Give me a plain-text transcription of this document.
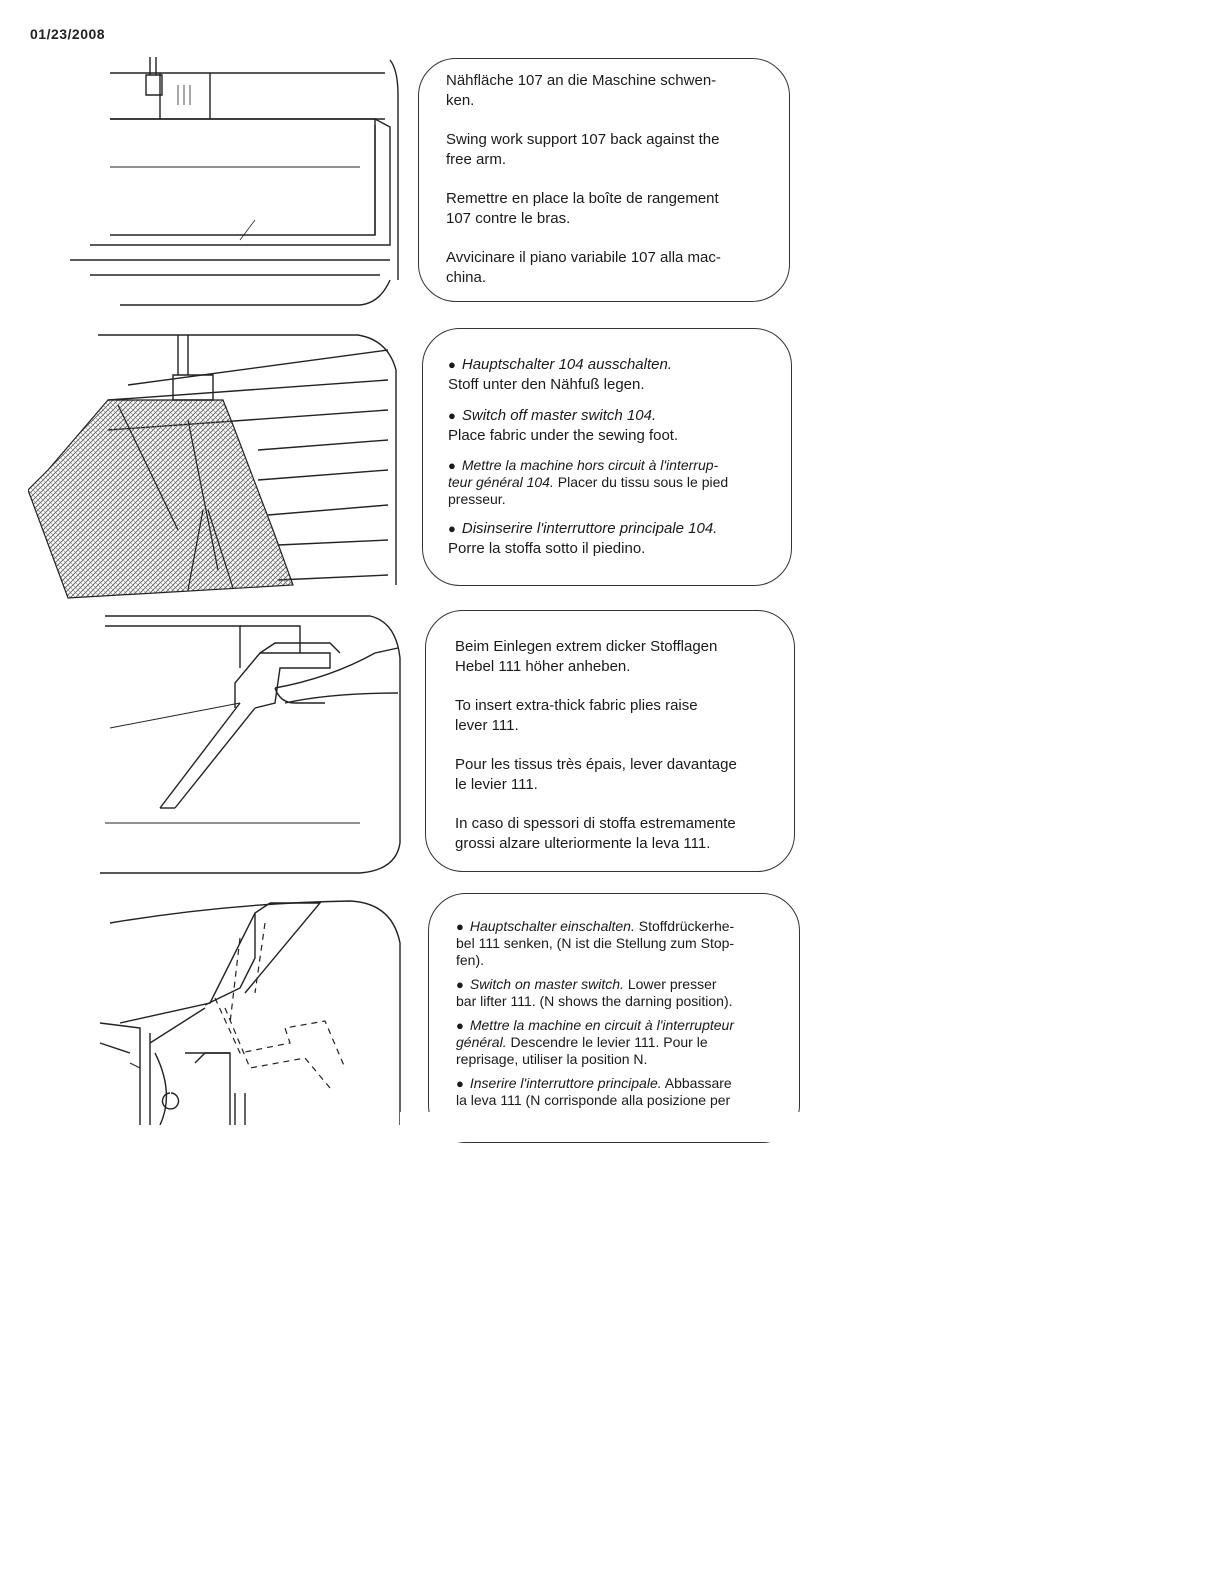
01/23/2008

Nähfläche 107 an die Maschine schwen-
ken.

Swing work support 107 back against the
free arm.

Remettre en place la boîte de rangement
107 contre le bras.

Avvicinare il piano variabile 107 alla mac-
china.

● Hauptschalter 104 ausschalten.
Stoff unter den Nähfuß legen.
● Switch off master switch 104.
Place fabric under the sewing foot.
● Mettre la machine hors circuit à l'interrup-
teur général 104. Placer du tissu sous le pied
presseur.
● Disinserire l'interruttore principale 104.
Porre la stoffa sotto il piedino.

Beim Einlegen extrem dicker Stofflagen
Hebel 111 höher anheben.

To insert extra-thick fabric plies raise
lever 111.

Pour les tissus très épais, lever davantage
le levier 111.

In caso di spessori di stoffa estremamente
grossi alzare ulteriormente la leva 111.

● Hauptschalter einschalten. Stoffdrückerhe-
bel 111 senken, (N ist die Stellung zum Stop-
fen).
● Switch on master switch. Lower presser
bar lifter 111. (N shows the darning position).
● Mettre la machine en circuit à l'interrupteur
général. Descendre le levier 111. Pour le
reprisage, utiliser la position N.
● Inserire l'interruttore principale. Abbassare
la leva 111 (N corrisponde alla posizione per
